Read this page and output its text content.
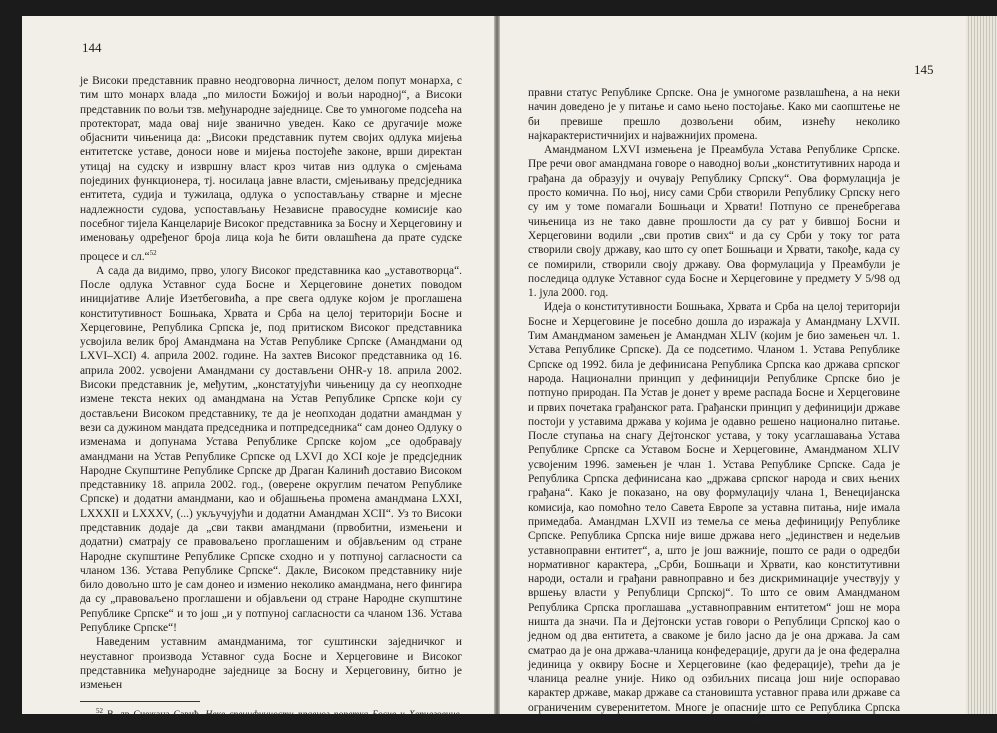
144

је Високи представник правно неодговорна личност, делом попут монарха, с тим што монарх влада „по милости Божијој и вољи народној“, а Високи представник по вољи тзв. међународне заједнице. Све то умногоме подсећа на протекторат, мада овај није званично уведен. Како се другачије може објаснити чињеница да: „Високи представник путем својих одлука мијења ентитетске уставе, доноси нове и мијења постојеће законе, врши директан утицај на судску и извршну власт кроз читав низ одлука о смјењама појединих функционера, тј. носилаца јавне власти, смјењивању предсједника ентитета, судија и тужилаца, одлука о успостављању стварне и мјесне надлежности судова, успостављању Независне правосудне комисије као посебног тијела Канцеларије Високог представника за Босну и Херцеговину и именовању одређеног броја лица која ће бити овлашћена да прате судске процесе и сл.“$^{52}$

А сада да видимо, прво, улогу Високог представника као „уставотворца“. После одлука Уставног суда Босне и Херцеговине донетих поводом иницијативе Алије Изетбеговића, а пре свега одлуке којом је проглашена конститутивност Бошњака, Хрвата и Срба на целој територији Босне и Херцеговине, Република Српска је, под притиском Високог представника усвојила велик број Амандмана на Устав Републике Српске (Амандмани од LXVI–XCI) 4. априла 2002. године. На захтев Високог представника од 16. априла 2002. усвојени Амандмани су достављени OHR-у 18. априла 2002. Високи представник је, међутим, „констатујући чињеницу да су неопходне измене текста неких од амандмана на Устав Републике Српске који су достављени Високом представнику, те да је неопходан додатни амандман у вези са дужином мандата председника и потпредседника“ сам донео Одлуку о изменама и допунама Устава Републике Српске којом „се одобравају амандмани на Устав Републике Српске од LXVI до XCI које је предсједник Народне Скупштине Републике Српске др Драган Калинић доставио Високом представнику 18. априла 2002. год., (оверене округлим печатом Републике Српске) и додатни амандмани, као и објашњења промена амандмана LXXI, LXXXII и LXXXV, (...) укључујући и додатни Амандман XCII“. Уз то Високи представник додаје да „сви такви амандмани (првобитни, измењени и додатни) сматрају се правоваљено проглашеним и објављеним од стране Народне скупштине Републике Српске сходно и у потпуној сагласности са чланом 136. Устава Републике Српске“. Дакле, Високом представнику није било довољно што је сам донео и изменио неколико амандмана, него фингира да су „правоваљено проглашени и објављени од стране Народне скупштине Републике Српске“ и то још „и у потпуној сагласности са чланом 136. Устава Републике Српске“!

Наведеним уставним амандманима, тог суштински заједничког и неуставног производа Уставног суда Босне и Херцеговине и Високог представника међународне заједнице за Босну и Херцеговину, битно је измењен

$^{52}$ В. др Снежана Савић, Неке специфичности правног поретка Босне и Херцеговине. Улога Високог представника за Босну и Херцеговину, стр. 57.

145

правни статус Републике Српске. Она је умногоме развлашћена, а на неки начин доведено је у питање и само њено постојање. Како ми саопштење не би превише прешло дозвољени обим, изнећу неколико најкарактеристичнијих и најважнијих промена.

Амандманом LXVI измењена је Преамбула Устава Републике Српске. Пре речи овог амандмана говоре о наводној вољи „конститутивних народа и грађана да образују и очувају Републику Српску“. Ова формулација је просто комична. По њој, нису сами Срби створили Републику Српску него су им у томе помагали Бошњаци и Хрвати! Потпуно се пренебрегава чињеница из не тако давне прошлости да су рат у бившој Босни и Херцеговини водили „сви против свих“ и да су Срби у току тог рата створили своју државу, као што су опет Бошњаци и Хрвати, такође, када су се помирили, створили своју државу. Ова формулација у Преамбули је последица одлуке Уставног суда Босне и Херцеговине у предмету У 5/98 од 1. јула 2000. год.

Идеја о конститутивности Бошњака, Хрвата и Срба на целој територији Босне и Херцеговине је посебно дошла до изражаја у Амандману LXVII. Тим Амандманом замењен је Амандман XLIV (којим је био замењен чл. 1. Устава Републике Српске). Да се подсетимо. Чланом 1. Устава Републике Српске од 1992. била је дефинисана Република Српска као држава српског народа. Национални принцип у дефиницији Републике Српске био је потпуно природан. Па Устав је донет у време распада Босне и Херцеговине и првих почетака грађанског рата. Грађански принцип у дефиницији државе постоји у уставима држава у којима је одавно решено национално питање. После ступања на снагу Дејтонског устава, у току усаглашавања Устава Републике Српске са Уставом Босне и Херцеговине, Амандманом XLIV усвојеним 1996. замењен је члан 1. Устава Републике Српске. Сада је Република Српска дефинисана као „држава српског народа и свих њених грађана“. Како је показано, на ову формулацију члана 1, Венецијанска комисија, као помоћно тело Савета Европе за уставна питања, није имала примедаба. Амандман LXVII из темеља се мења дефиницију Републике Српске. Република Српска није више држава него „јединствен и недељив уставноправни ентитет“, а, што је још важније, пошто се ради о одредби нормативног карактера, „Срби, Бошњаци и Хрвати, као конститутивни народи, остали и грађани равноправно и без дискриминације учествују у вршењу власти у Републици Српској“. То што се овим Амандманом Република Српска проглашава „уставноправним ентитетом“ још не мора ништа да значи. Па и Дејтонски устав говори о Републици Српској као о једном од два ентитета, а свакоме је било јасно да је она држава. Ја сам сматрао да је она држава-чланица конфедерације, други да је она федерална јединица у оквиру Босне и Херцеговине (као федерације), трећи да је чланица реалне уније. Нико од озбиљних писаца још није оспоравао карактер државе, макар државе са становишта уставног права или државе са ограниченим суверенитетом. Многе је опасније што се Република Српска одређује као уставноправни ентитет Срба, Бошњака и Хр-
